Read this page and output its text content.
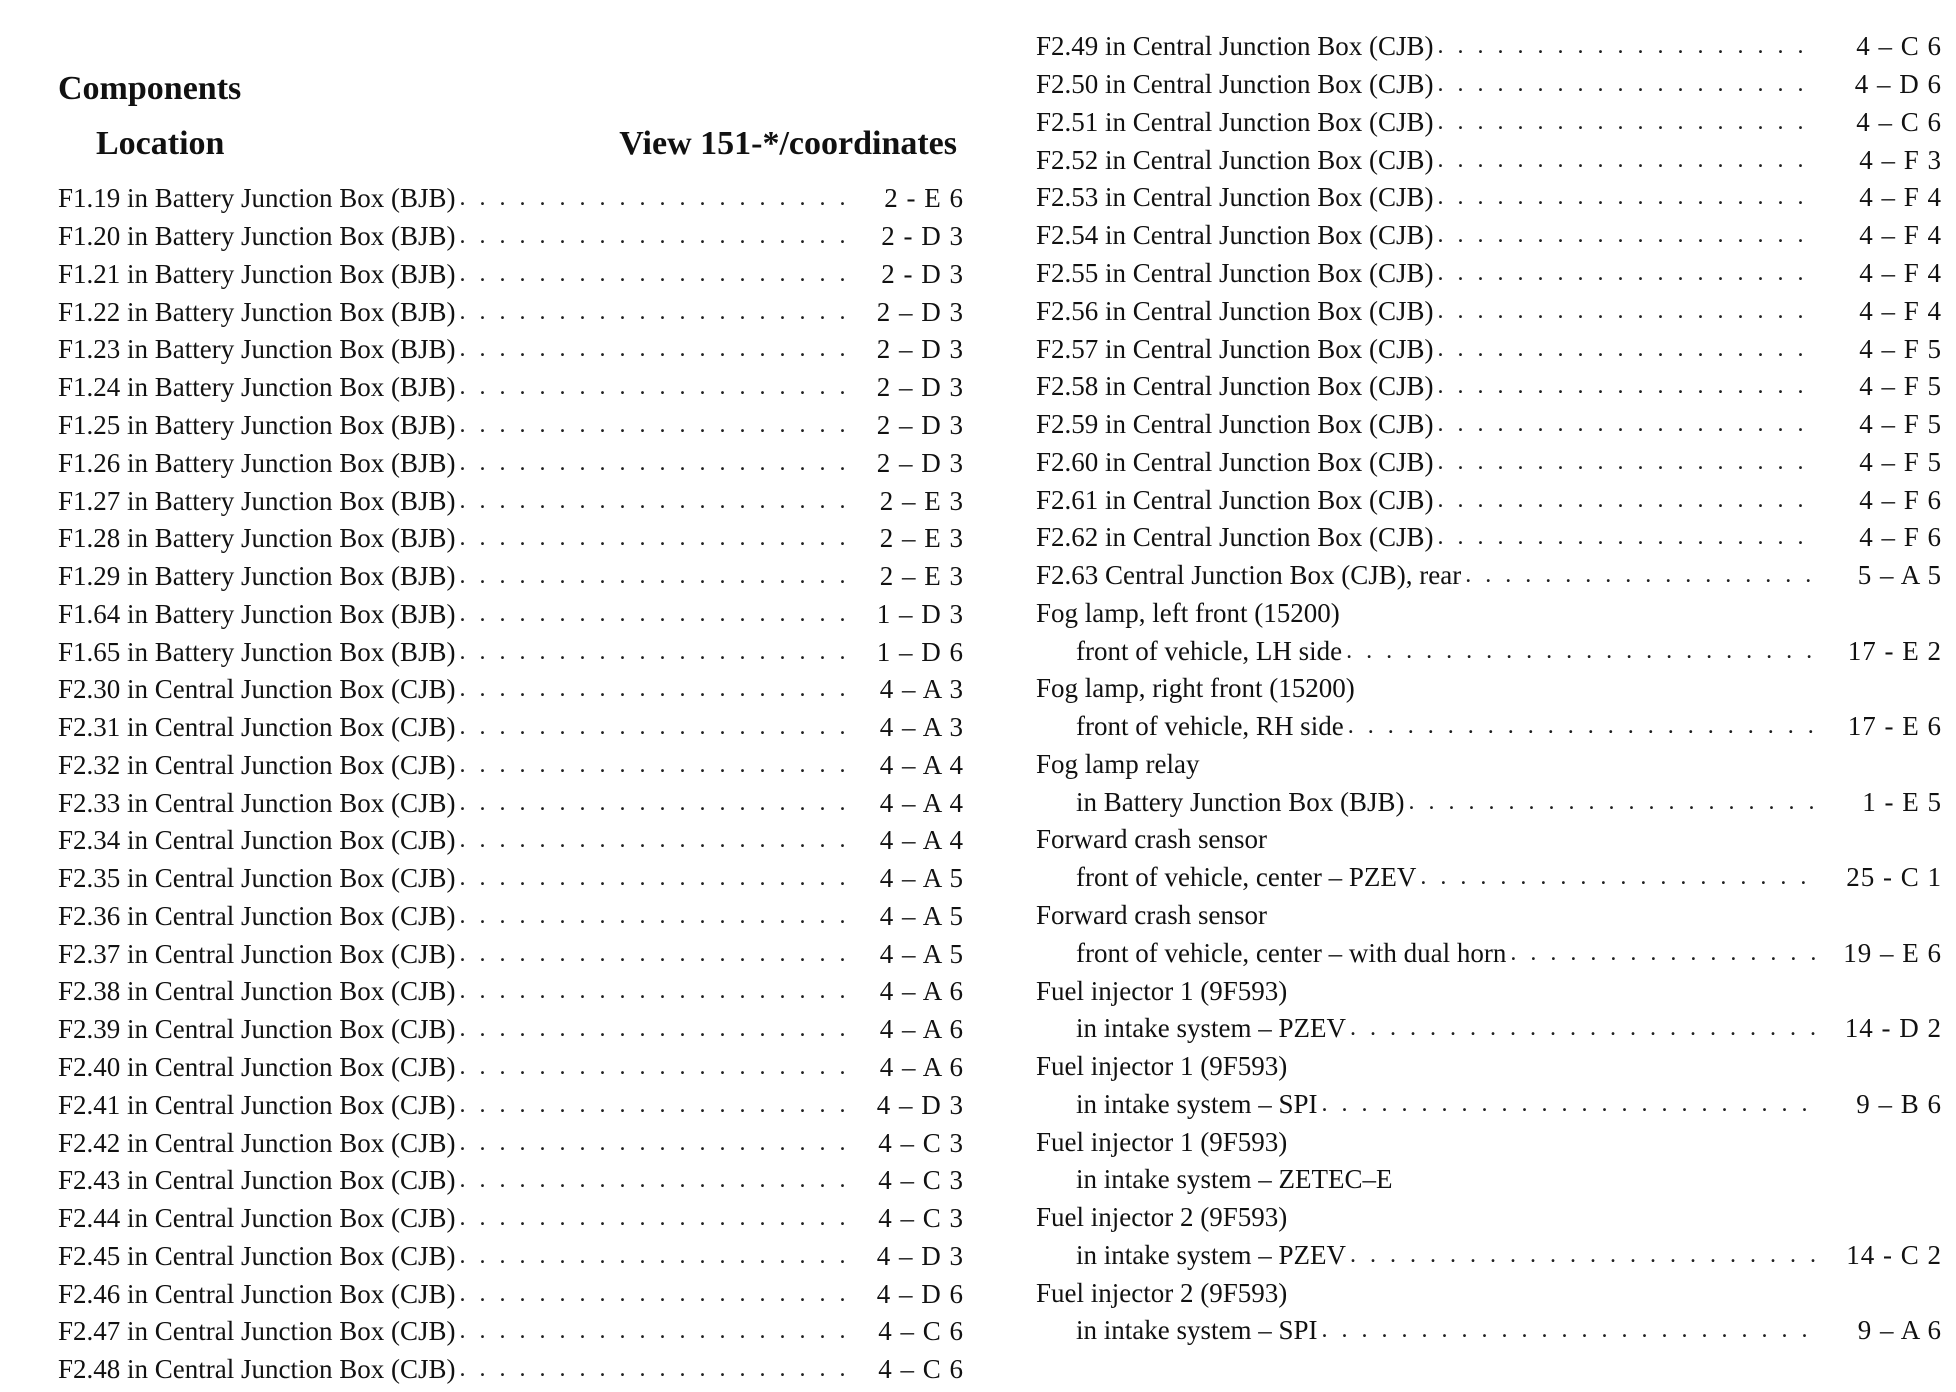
Components
Location	View 151-*/coordinates
F1.19 in Battery Junction Box (BJB) . . .	2 - E 6
F1.20 in Battery Junction Box (BJB) . . .	2 - D 3
F1.21 in Battery Junction Box (BJB) . . .	2 - D 3
F1.22 in Battery Junction Box (BJB) . . .	2 – D 3
F1.23 in Battery Junction Box (BJB) . . .	2 – D 3
F1.24 in Battery Junction Box (BJB) . . .	2 – D 3
F1.25 in Battery Junction Box (BJB) . . .	2 – D 3
F1.26 in Battery Junction Box (BJB) . . .	2 – D 3
F1.27 in Battery Junction Box (BJB) . . .	2 – E 3
F1.28 in Battery Junction Box (BJB) . . .	2 – E 3
F1.29 in Battery Junction Box (BJB) . . .	2 – E 3
F1.64 in Battery Junction Box (BJB) . . .	1 – D 3
F1.65 in Battery Junction Box (BJB) . . .	1 – D 6
F2.30 in Central Junction Box (CJB) . . .	4 – A 3
F2.31 in Central Junction Box (CJB) . . .	4 – A 3
F2.32 in Central Junction Box (CJB) . . .	4 – A 4
F2.33 in Central Junction Box (CJB) . . .	4 – A 4
F2.34 in Central Junction Box (CJB) . . .	4 – A 4
F2.35 in Central Junction Box (CJB) . . .	4 – A 5
F2.36 in Central Junction Box (CJB) . . .	4 – A 5
F2.37 in Central Junction Box (CJB) . . .	4 – A 5
F2.38 in Central Junction Box (CJB) . . .	4 – A 6
F2.39 in Central Junction Box (CJB) . . .	4 – A 6
F2.40 in Central Junction Box (CJB) . . .	4 – A 6
F2.41 in Central Junction Box (CJB) . . .	4 – D 3
F2.42 in Central Junction Box (CJB) . . .	4 – C 3
F2.43 in Central Junction Box (CJB) . . .	4 – C 3
F2.44 in Central Junction Box (CJB) . . .	4 – C 3
F2.45 in Central Junction Box (CJB) . . .	4 – D 3
F2.46 in Central Junction Box (CJB) . . .	4 – D 6
F2.47 in Central Junction Box (CJB) . . .	4 – C 6
F2.48 in Central Junction Box (CJB) . . .	4 – C 6
F2.49 in Central Junction Box (CJB) . . .	4 – C 6
F2.50 in Central Junction Box (CJB) . . .	4 – D 6
F2.51 in Central Junction Box (CJB) . . .	4 – C 6
F2.52 in Central Junction Box (CJB) . . .	4 – F 3
F2.53 in Central Junction Box (CJB) . . .	4 – F 4
F2.54 in Central Junction Box (CJB) . . .	4 – F 4
F2.55 in Central Junction Box (CJB) . . .	4 – F 4
F2.56 in Central Junction Box (CJB) . . .	4 – F 4
F2.57 in Central Junction Box (CJB) . . .	4 – F 5
F2.58 in Central Junction Box (CJB) . . .	4 – F 5
F2.59 in Central Junction Box (CJB) . . .	4 – F 5
F2.60 in Central Junction Box (CJB) . . .	4 – F 5
F2.61 in Central Junction Box (CJB) . . .	4 – F 6
F2.62 in Central Junction Box (CJB) . . .	4 – F 6
F2.63 Central Junction Box (CJB), rear . . .	5 – A 5
Fog lamp, left front (15200)
front of vehicle, LH side . . .	17 - E 2
Fog lamp, right front (15200)
front of vehicle, RH side . . .	17 - E 6
Fog lamp relay
in Battery Junction Box (BJB) . . .	1 - E 5
Forward crash sensor
front of vehicle, center – PZEV . . .	25 - C 1
Forward crash sensor
front of vehicle, center – with dual horn . . .	19 – E 6
Fuel injector 1 (9F593)
in intake system – PZEV . . .	14 - D 2
Fuel injector 1 (9F593)
in intake system – SPI . . .	9 – B 6
Fuel injector 1 (9F593)
in intake system – ZETEC–E
Fuel injector 2 (9F593)
in intake system – PZEV . . .	14 - C 2
Fuel injector 2 (9F593)
in intake system – SPI . . .	9 – A 6
